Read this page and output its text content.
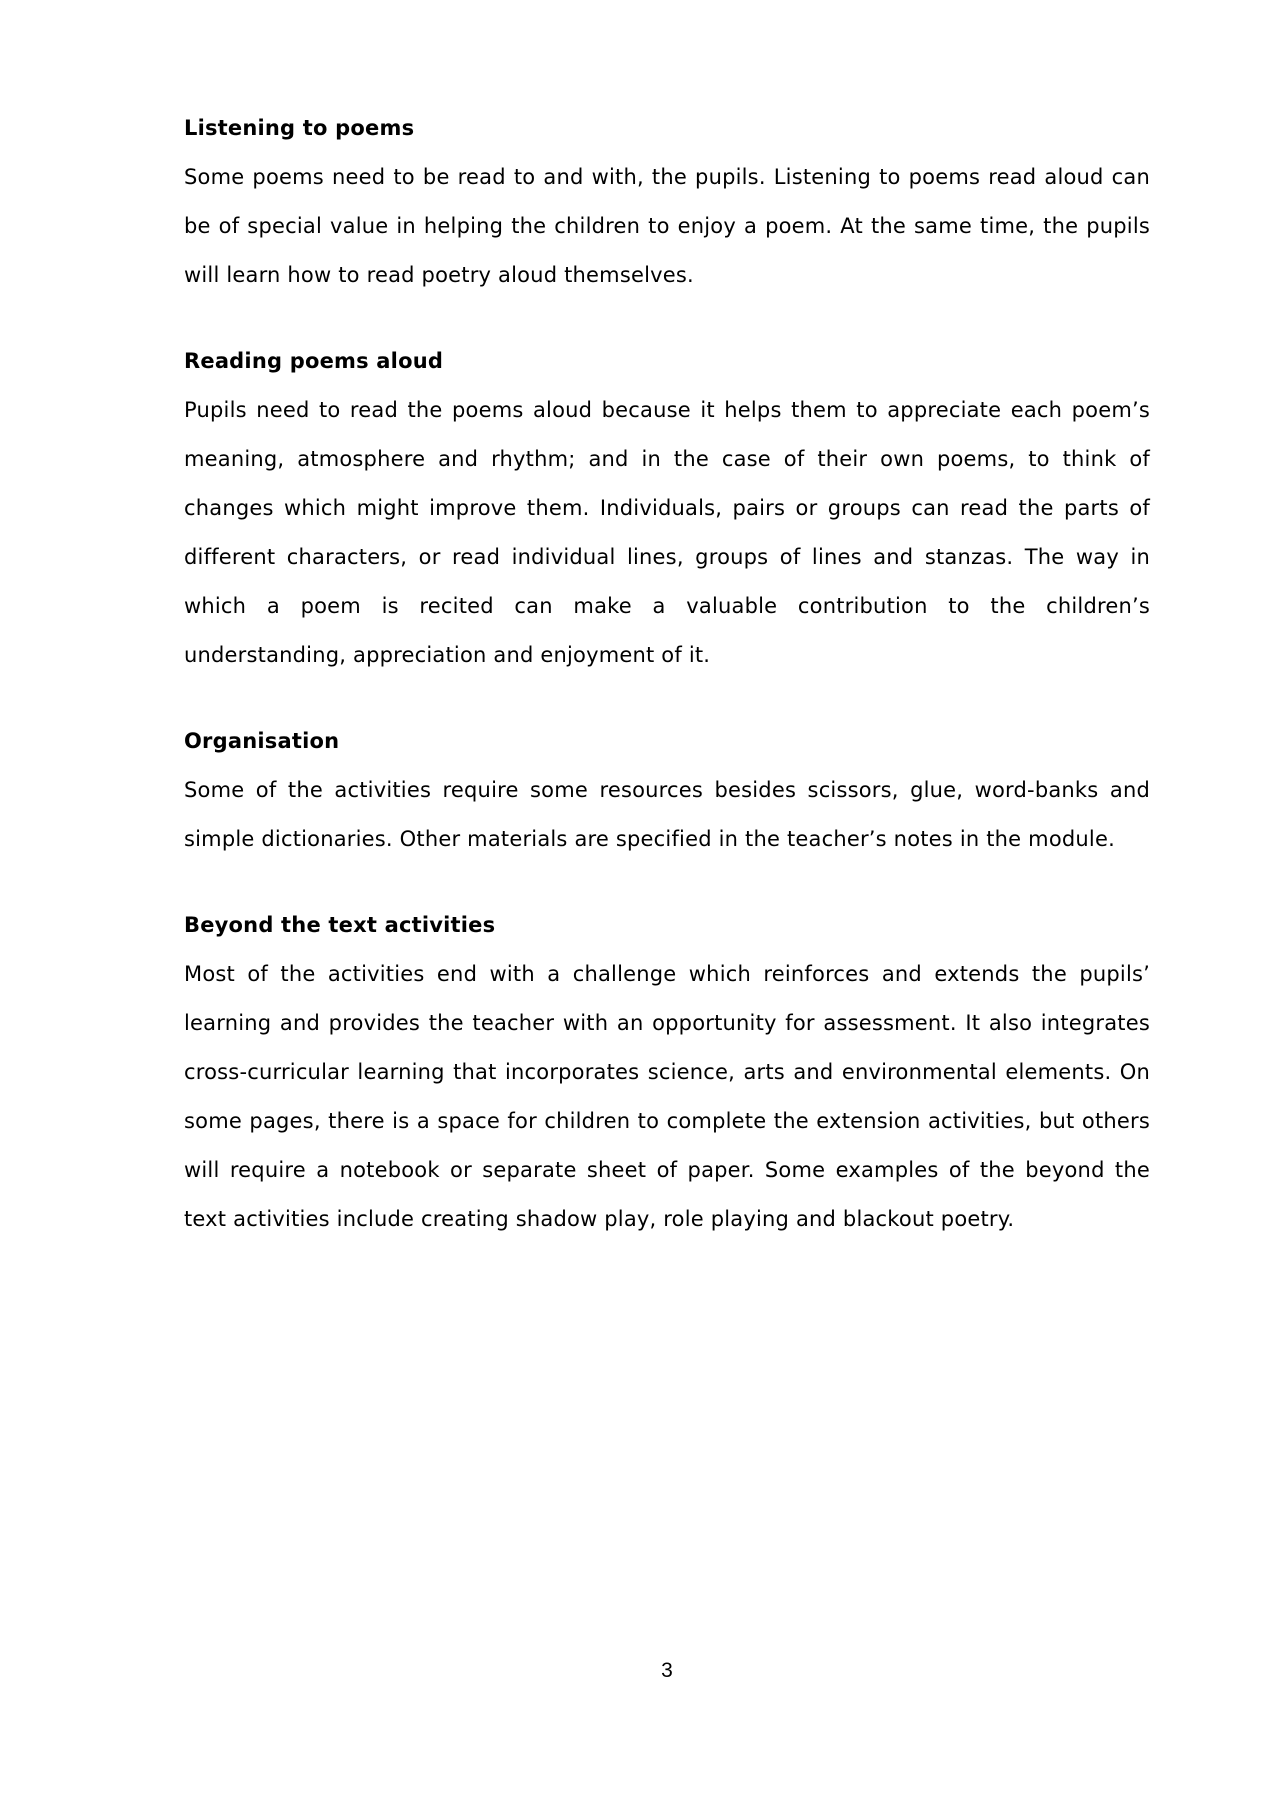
Listening to poems

Some poems need to be read to and with, the pupils. Listening to poems read aloud can be of special value in helping the children to enjoy a poem. At the same time, the pupils will learn how to read poetry aloud themselves.

Reading poems aloud

Pupils need to read the poems aloud because it helps them to appreciate each poem’s meaning, atmosphere and rhythm; and in the case of their own poems, to think of changes which might improve them. Individuals, pairs or groups can read the parts of different characters, or read individual lines, groups of lines and stanzas. The way in which a poem is recited can make a valuable contribution to the children’s understanding, appreciation and enjoyment of it.

Organisation

Some of the activities require some resources besides scissors, glue, word-banks and simple dictionaries. Other materials are specified in the teacher’s notes in the module.

Beyond the text activities

Most of the activities end with a challenge which reinforces and extends the pupils’ learning and provides the teacher with an opportunity for assessment. It also integrates cross-curricular learning that incorporates science, arts and environmental elements. On some pages, there is a space for children to complete the extension activities, but others will require a notebook or separate sheet of paper. Some examples of the beyond the text activities include creating shadow play, role playing and blackout poetry.

3
